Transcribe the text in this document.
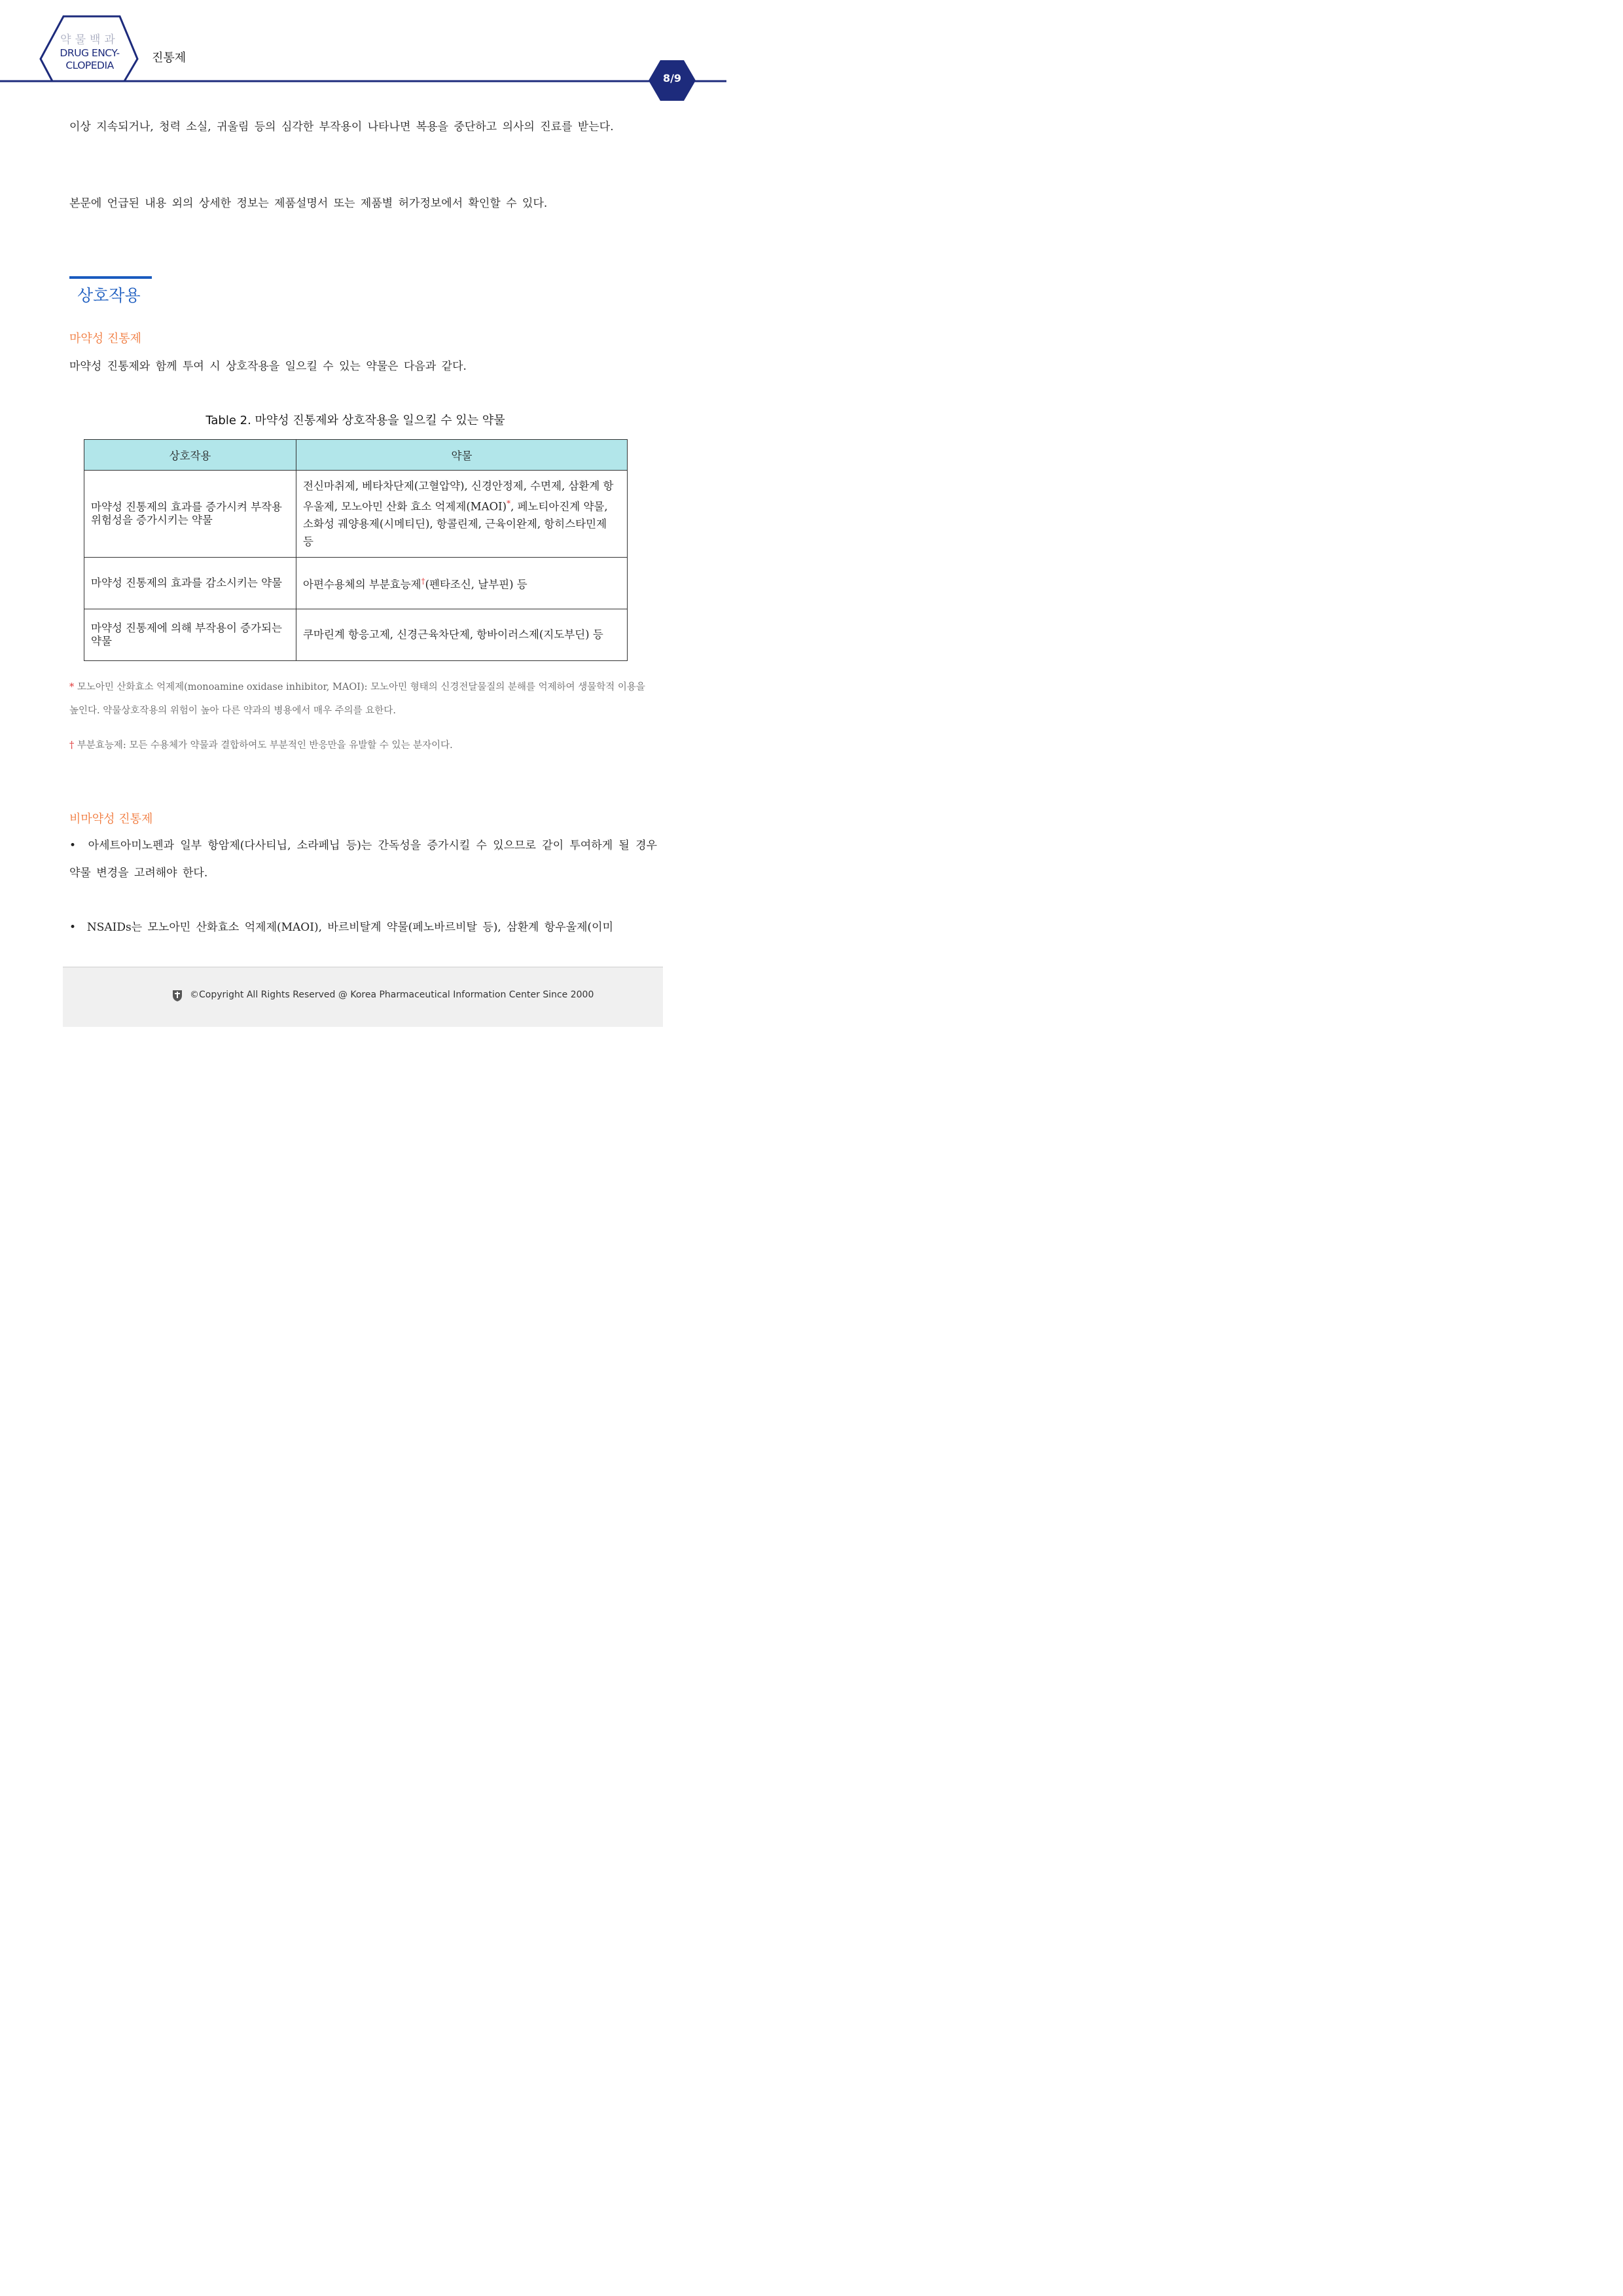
약물백과
DRUG ENCY-
CLOPEDIA
진통제
8/9
이상 지속되거나, 청력 소실, 귀울림 등의 심각한 부작용이 나타나면 복용을 중단하고 의사의 진료를 받는다.
본문에 언급된 내용 외의 상세한 정보는 제품설명서 또는 제품별 허가정보에서 확인할 수 있다.
상호작용
마약성 진통제
마약성 진통제와 함께 투여 시 상호작용을 일으킬 수 있는 약물은 다음과 같다.
Table 2. 마약성 진통제와 상호작용을 일으킬 수 있는 약물
상호작용	약물
마약성 진통제의 효과를 증가시켜 부작용 위험성을 증가시키는 약물	전신마취제, 베타차단제(고혈압약), 신경안정제, 수면제, 삼환계 항우울제, 모노아민 산화 효소 억제제(MAOI)*, 페노티아진계 약물, 소화성 궤양용제(시메티딘), 항콜린제, 근육이완제, 항히스타민제 등
마약성 진통제의 효과를 감소시키는 약물	아편수용체의 부분효능제†(펜타조신, 날부핀) 등
마약성 진통제에 의해 부작용이 증가되는 약물	쿠마린계 항응고제, 신경근육차단제, 항바이러스제(지도부딘) 등
* 모노아민 산화효소 억제제(monoamine oxidase inhibitor, MAOI): 모노아민 형태의 신경전달물질의 분해를 억제하여 생물학적 이용을 높인다. 약물상호작용의 위험이 높아 다른 약과의 병용에서 매우 주의를 요한다.
† 부분효능제: 모든 수용체가 약물과 결합하여도 부분적인 반응만을 유발할 수 있는 분자이다.
비마약성 진통제
• 아세트아미노펜과 일부 항암제(다사티닙, 소라페닙 등)는 간독성을 증가시킬 수 있으므로 같이 투여하게 될 경우 약물 변경을 고려해야 한다.
• NSAIDs는 모노아민 산화효소 억제제(MAOI), 바르비탈계 약물(페노바르비탈 등), 삼환계 항우울제(이미
©Copyright All Rights Reserved @ Korea Pharmaceutical Information Center Since 2000
